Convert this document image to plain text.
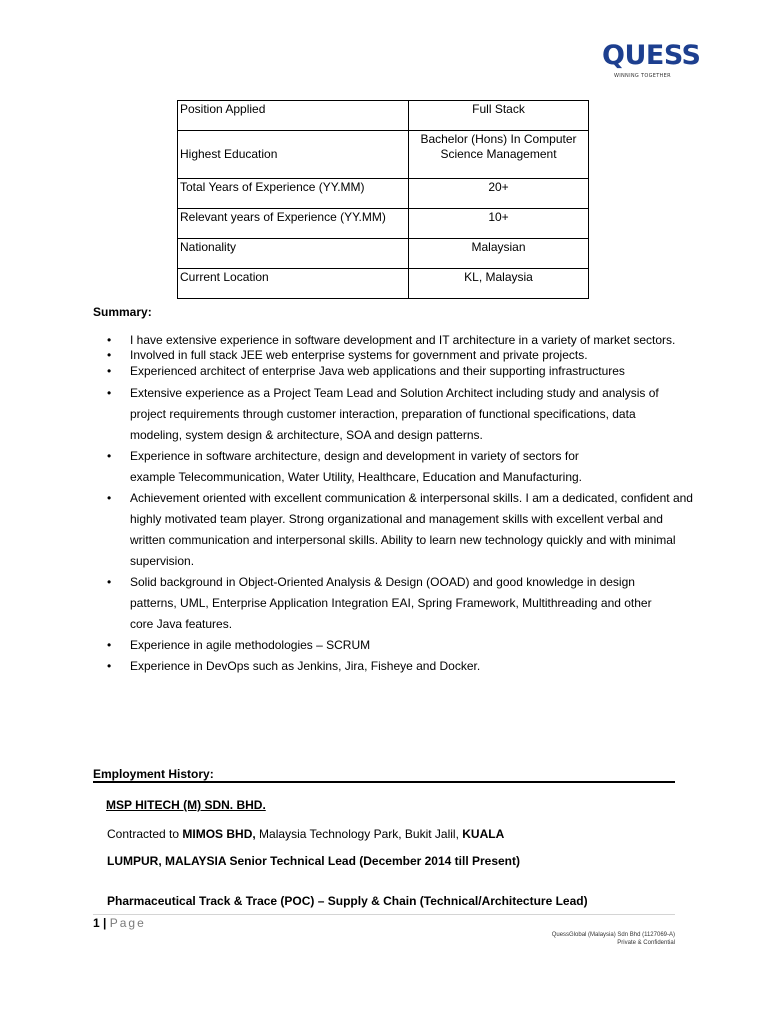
QUESS
WINNING TOGETHER
Position Applied	Full Stack
Highest Education	Bachelor (Hons) In Computer Science Management
Total Years of Experience (YY.MM)	20+
Relevant years of Experience (YY.MM)	10+
Nationality	Malaysian
Current Location	KL, Malaysia
Summary:
• I have extensive experience in software development and IT architecture in a variety of market sectors.
• Involved in full stack JEE web enterprise systems for government and private projects.
• Experienced architect of enterprise Java web applications and their supporting infrastructures
• Extensive experience as a Project Team Lead and Solution Architect including study and analysis of project requirements through customer interaction, preparation of functional specifications, data modeling, system design & architecture, SOA and design patterns.
• Experience in software architecture, design and development in variety of sectors for example Telecommunication, Water Utility, Healthcare, Education and Manufacturing.
• Achievement oriented with excellent communication & interpersonal skills. I am a dedicated, confident and highly motivated team player. Strong organizational and management skills with excellent verbal and written communication and interpersonal skills. Ability to learn new technology quickly and with minimal supervision.
• Solid background in Object-Oriented Analysis & Design (OOAD) and good knowledge in design patterns, UML, Enterprise Application Integration EAI, Spring Framework, Multithreading and other core Java features.
• Experience in agile methodologies – SCRUM
• Experience in DevOps such as Jenkins, Jira, Fisheye and Docker.
Employment History:
MSP HITECH (M) SDN. BHD.
Contracted to MIMOS BHD, Malaysia Technology Park, Bukit Jalil, KUALA
LUMPUR, MALAYSIA Senior Technical Lead (December 2014 till Present)
Pharmaceutical Track & Trace (POC) – Supply & Chain (Technical/Architecture Lead)
1 | Page
QuessGlobal (Malaysia) Sdn Bhd (1127069-A)
Private & Confidential
